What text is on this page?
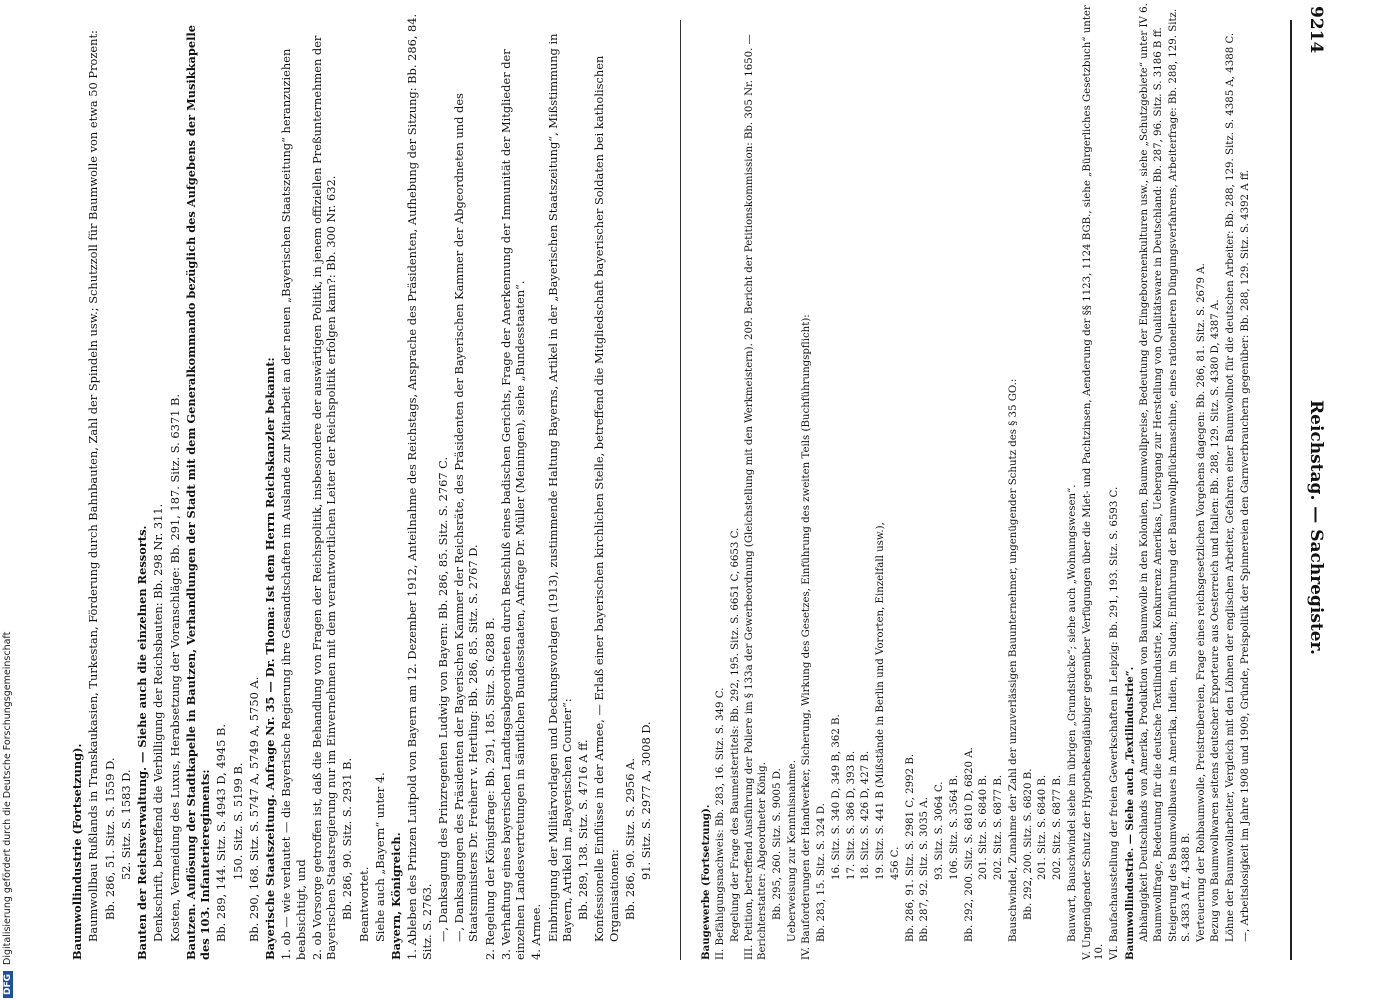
Baugewerbe (Fortsetzung). II. Befähigungsnachweis: Bb. 283, 16. Sitz. S. 349 C. Regelung der Frage des Baumeistertitels: Bb. 292, 195. Sitz. S. 6651 C, 6653 C. III. Petition, betreffend Ausführung der Poliere im § 133a der Gewerbeordnung (Gleichstellung mit den Werkmeistern). 209. Bericht der Petitionskommission: Bb. 305 Nr. 1650. — Berichterstatter: Abgeordneter König. Bb. 295, 260. Sitz. S. 9005 D. Ueberweisung zur Kenntnisnahme. IV. Bauforderungen der Handwerker, Sicherung, Wirkung des Gesetzes, Einführung des zweiten Teils (Buchführungspflicht): Bb. 283, 15. Sitz. S. 324 D. 16. Sitz. S. 340 D, 349 B, 362 B. 17. Sitz. S. 386 D, 393 B. 18. Sitz. S. 426 D, 427 B. 19. Sitz. S. 441 B (Mißstände in Berlin und Vororten, Einzelfall usw.), 456 C. Bb. 286, 91. Sitz. S. 2981 C, 2992 B. Bb. 287, 92. Sitz. S. 3035 A. 93. Sitz. S. 3064 C. 106. Sitz. S. 3564 B. Bb. 292, 200. Sitz. S. 6810 D, 6820 A. 201. Sitz. S. 6840 B. 202. Sitz. S. 6877 B. Bauschwindel, Zunahme der Zahl der unzuverlässigen Bauunternehmer, ungenügender Schutz des § 35 GO.: Bb. 292, 200. Sitz. S. 6820 B. 201. Sitz. S. 6840 B. 202. Sitz. S. 6877 B. Bauwart, Bauschwindel siehe im übrigen „Grundstücke“; siehe auch „Wohnungswesen“. V. Ungenügender Schutz der Hypothekengläubiger gegenüber Verfügungen über die Miet- und Pachtzinsen, Aenderung der §§ 1123, 1124 BGB., siehe „Bürgerliches Gesetzbuch“ unter 10. VI. Baufachausstellung der freien Gewerkschaften in Leipzig: Bb. 291, 193. Sitz. S. 6593 C. Baumwollindustrie. — Siehe auch „Textilindustrie“. Abhängigkeit Deutschlands von Amerika, Produktion von Baumwolle in den Kolonien, Baumwollpreise, Bedeutung der Eingeborenenkulturen usw., siehe „Schutzgebiete“ unter IV 6. Baumwollfrage, Bedeutung für die deutsche Textilindustrie, Konkurrenz Amerikas, Uebergang zur Herstellung von Qualitätsware in Deutschland: Bb. 287, 96. Sitz. S. 3186 B ff. Steigerung des Baumwollbaues in Amerika, Indien, im Sudan; Einführung der Baumwollpflückmaschine, eines rationelleren Düngungsverfahrens, Arbeiterfrage: Bb. 288, 129. Sitz. S. 4383 A ff., 4388 B. Verteuerung der Rohbaumwolle, Preistreibereien, Frage eines reichsgesetzlichen Vorgehens dagegen: Bb. 286, 81. Sitz. S. 2679 A. Bezug von Baumwollwaren seitens deutscher Exporteure aus Oesterreich und Italien: Bb. 288, 129. Sitz. S. 4380 D, 4387 A. Löhne der Baumwollarbeiter, Vergleich mit den Löhnen der englischen Arbeiter, Gefahren einer Baumwollnot für die deutschen Arbeiter: Bb. 288, 129. Sitz. S. 4385 A, 4388 C. —, Arbeitslosigkeit im Jahre 1908 und 1909, Gründe, Preispolitik der Spinnereien den Garnverbrauchern gegenüber: Bb. 288, 129. Sitz. S. 4392 A ff.
Baumwollindustrie (Fortsetzung). Baumwollbau Rußlands in Transkaukasien, Turkestan, Förderung durch Bahnbauten, Zahl der Spindeln usw.; Schutzzoll für Baumwolle von etwa 50 Prozent: Bb. 286, 51. Sitz. S. 1559 D. 52. Sitz. S. 1583 D. Bauten der Reichsverwaltung. — Siehe auch die einzelnen Ressorts. Denkschrift, betreffend die Verbilligung der Reichsbauten: Bb. 298 Nr. 311. Kosten, Vermeidung des Luxus, Herabsetzung der Voranschläge: Bb. 291, 187. Sitz. S. 6371 B. Bautzen. Auflösung der Stadtkapelle in Bautzen, Verhandlungen der Stadt mit dem Generalkommando bezüglich des Aufgebens der Musikkapelle des 103. Infanterieregiments: Bb. 289, 144. Sitz. S. 4943 D, 4945 B. 150. Sitz. S. 5199 B. Bb. 290, 168. Sitz. S. 5747 A, 5749 A, 5750 A. Bayerische Staatszeitung. Anfrage Nr. 35 — Dr. Thoma: Ist dem Herrn Reichskanzler bekannt: 1. ob — wie verlautet — die Bayerische Regierung ihre Gesandtschaften im Auslande zur Mitarbeit an der neuen „Bayerischen Staatszeitung“ heranzuziehen beabsichtigt, und 2. ob Vorsorge getroffen ist, daß die Behandlung von Fragen der Reichspolitik, insbesondere der auswärtigen Politik, in jenem offiziellen Preßunternehmen der Bayerischen Staatsregierung nur im Einvernehmen mit dem verantwortlichen Leiter der Reichspolitik erfolgen kann?: Bb. 300 Nr. 632. Bb. 286, 90. Sitz. S. 2931 B. Beantwortet. Siehe auch „Bayern“ unter 4. Bayern, Königreich. 1. Ableben des Prinzen Luitpold von Bayern am 12. Dezember 1912, Anteilnahme des Reichstags, Ansprache des Präsidenten, Aufhebung der Sitzung: Bb. 286, 84. Sitz. S. 2763. —, Danksagung des Prinzregenten Ludwig von Bayern: Bb. 286, 85. Sitz. S. 2767 C. —, Danksagungen des Präsidenten der Bayerischen Kammer der Reichsräte, des Präsidenten der Bayerischen Kammer der Abgeordneten und des Staatsministers Dr. Freiherr v. Hertling: Bb. 286, 85. Sitz. S. 2767 D. 2. Regelung der Königsfrage: Bb. 291, 185. Sitz. S. 6288 B. 3. Verhaftung eines bayerischen Landtagsabgeordneten durch Beschluß eines badischen Gerichts, Frage der Anerkennung der Immunität der Mitglieder der einzelnen Landesvertretungen in sämtlichen Bundesstaaten, Anfrage Dr. Müller (Meiningen), siehe „Bundesstaaten“. 4. Armee. Einbringung der Militärvorlagen und Deckungsvorlagen (1913), zustimmende Haltung Bayerns, Artikel in der „Bayerischen Staatszeitung“, Mißstimmung in Bayern, Artikel im „Bayerischen Courier“: Bb. 289, 138. Sitz. S. 4716 A ff. Konfessionelle Einflüsse in der Armee, — Erlaß einer bayerischen kirchlichen Stelle, betreffend die Mitgliedschaft bayerischer Soldaten bei katholischen Organisationen: Bb. 286, 90. Sitz. S. 2956 A. 91. Sitz. S. 2977 A, 3008 D.
9214
Reichstag. — Sachregister.
DFGDigitalisierung gefördert durch die Deutsche Forschungsgemeinschaft
